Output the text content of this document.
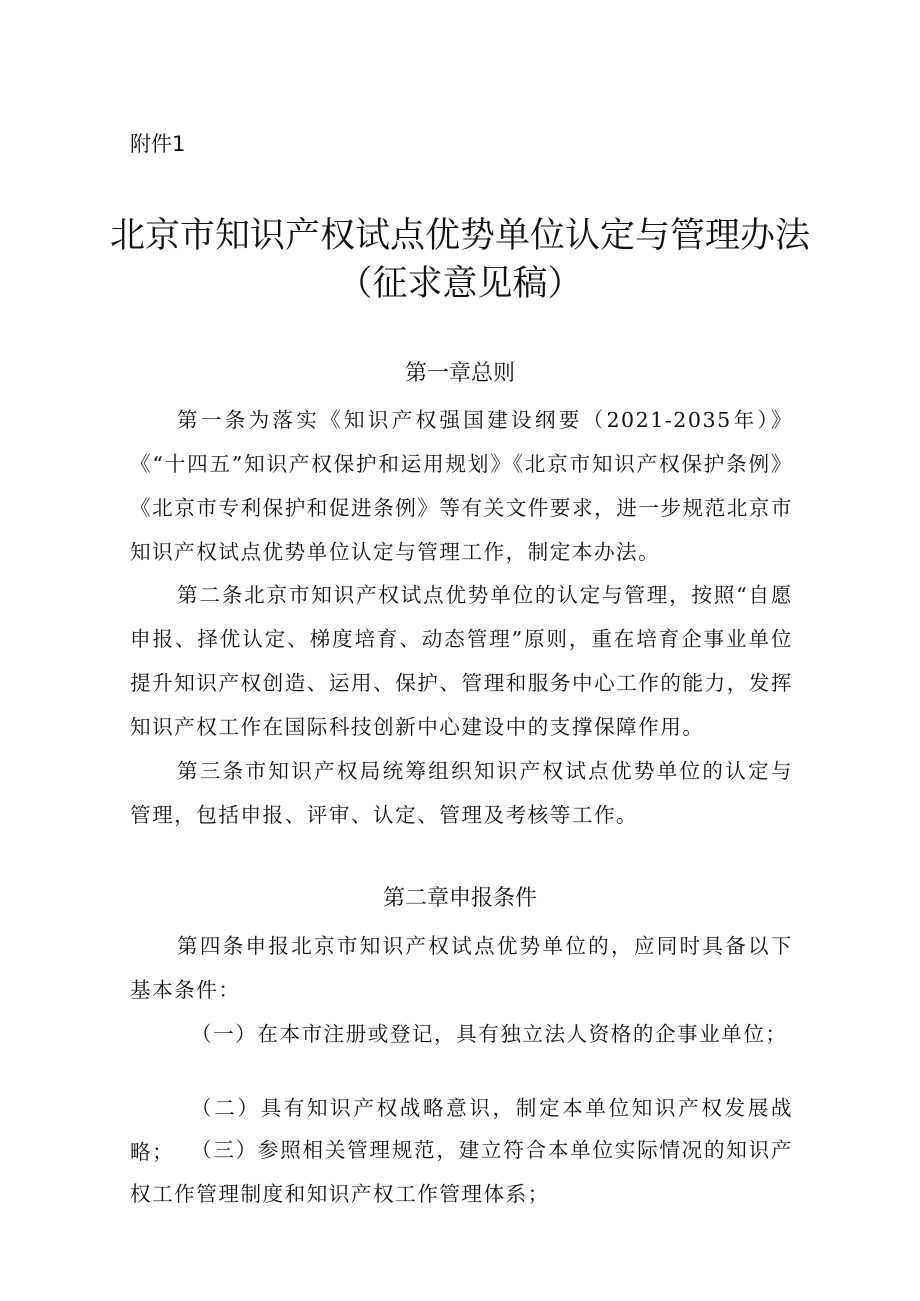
附件1
北京市知识产权试点优势单位认定与管理办法
（征求意见稿）
第一章总则

第一条为落实《知识产权强国建设纲要（2021-2035年）》《“十四五”知识产权保护和运用规划》《北京市知识产权保护条例》《北京市专利保护和促进条例》等有关文件要求，进一步规范北京市知识产权试点优势单位认定与管理工作，制定本办法。

第二条北京市知识产权试点优势单位的认定与管理，按照“自愿申报、择优认定、梯度培育、动态管理”原则，重在培育企事业单位提升知识产权创造、运用、保护、管理和服务中心工作的能力，发挥知识产权工作在国际科技创新中心建设中的支撑保障作用。

第三条市知识产权局统筹组织知识产权试点优势单位的认定与管理，包括申报、评审、认定、管理及考核等工作。

第二章申报条件

第四条申报北京市知识产权试点优势单位的，应同时具备以下基本条件：

（一）在本市注册或登记，具有独立法人资格的企事业单位；

（二）具有知识产权战略意识，制定本单位知识产权发展战略； （三）参照相关管理规范，建立符合本单位实际情况的知识产权工作管理制度和知识产权工作管理体系；
